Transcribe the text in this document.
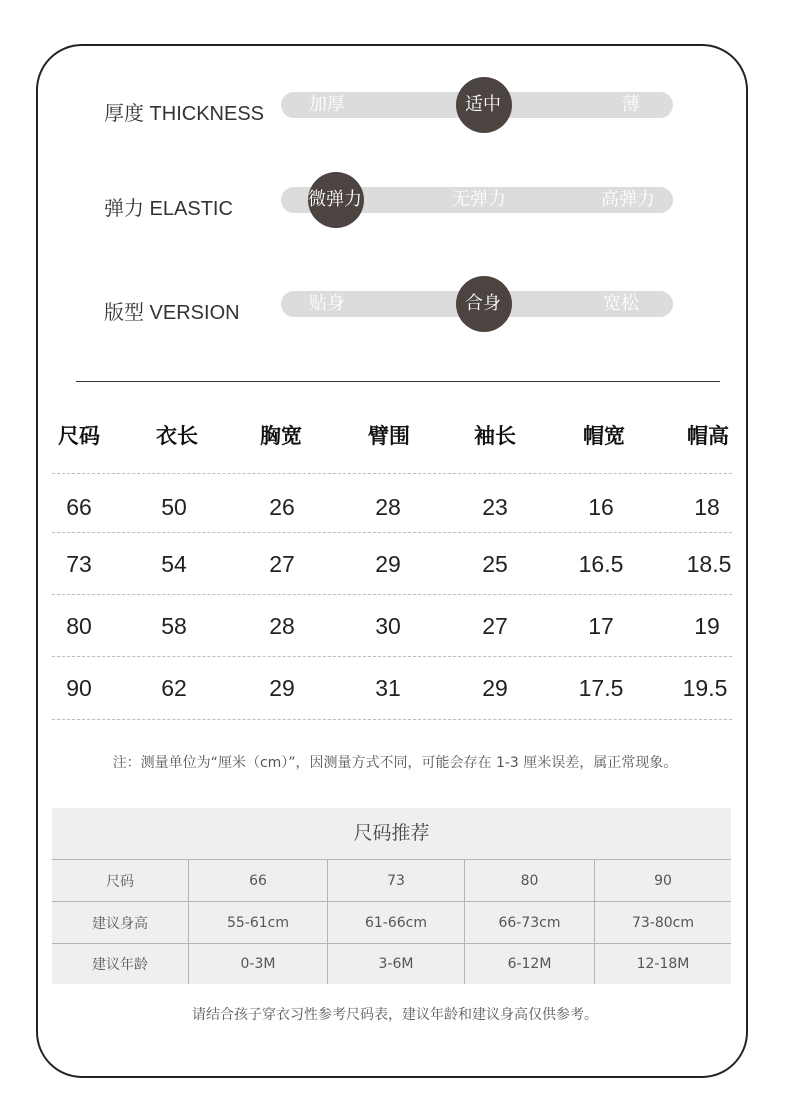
厚度 THICKNESS 加厚	适中	薄
弹力 ELASTIC	微弹力	无弹力	高弹力
版型 VERSION	贴身	合身	宽松
尺码	衣长	胸宽	臂围	袖长	帽宽	帽高
66	50	26	28	23	16	18
73	54	27	29	25	16.5	18.5
80	58	28	30	27	17	19
90	62	29	31	29	17.5	19.5
注：测量单位为“厘米（cm）”，因测量方式不同，可能会存在 1-3 厘米误差，属正常现象。
尺码推荐
尺码	66	73	80	90
建议身高	55-61cm	61-66cm	66-73cm	73-80cm
建议年龄	0-3M	3-6M	6-12M	12-18M
请结合孩子穿衣习性参考尺码表，建议年龄和建议身高仅供参考。
